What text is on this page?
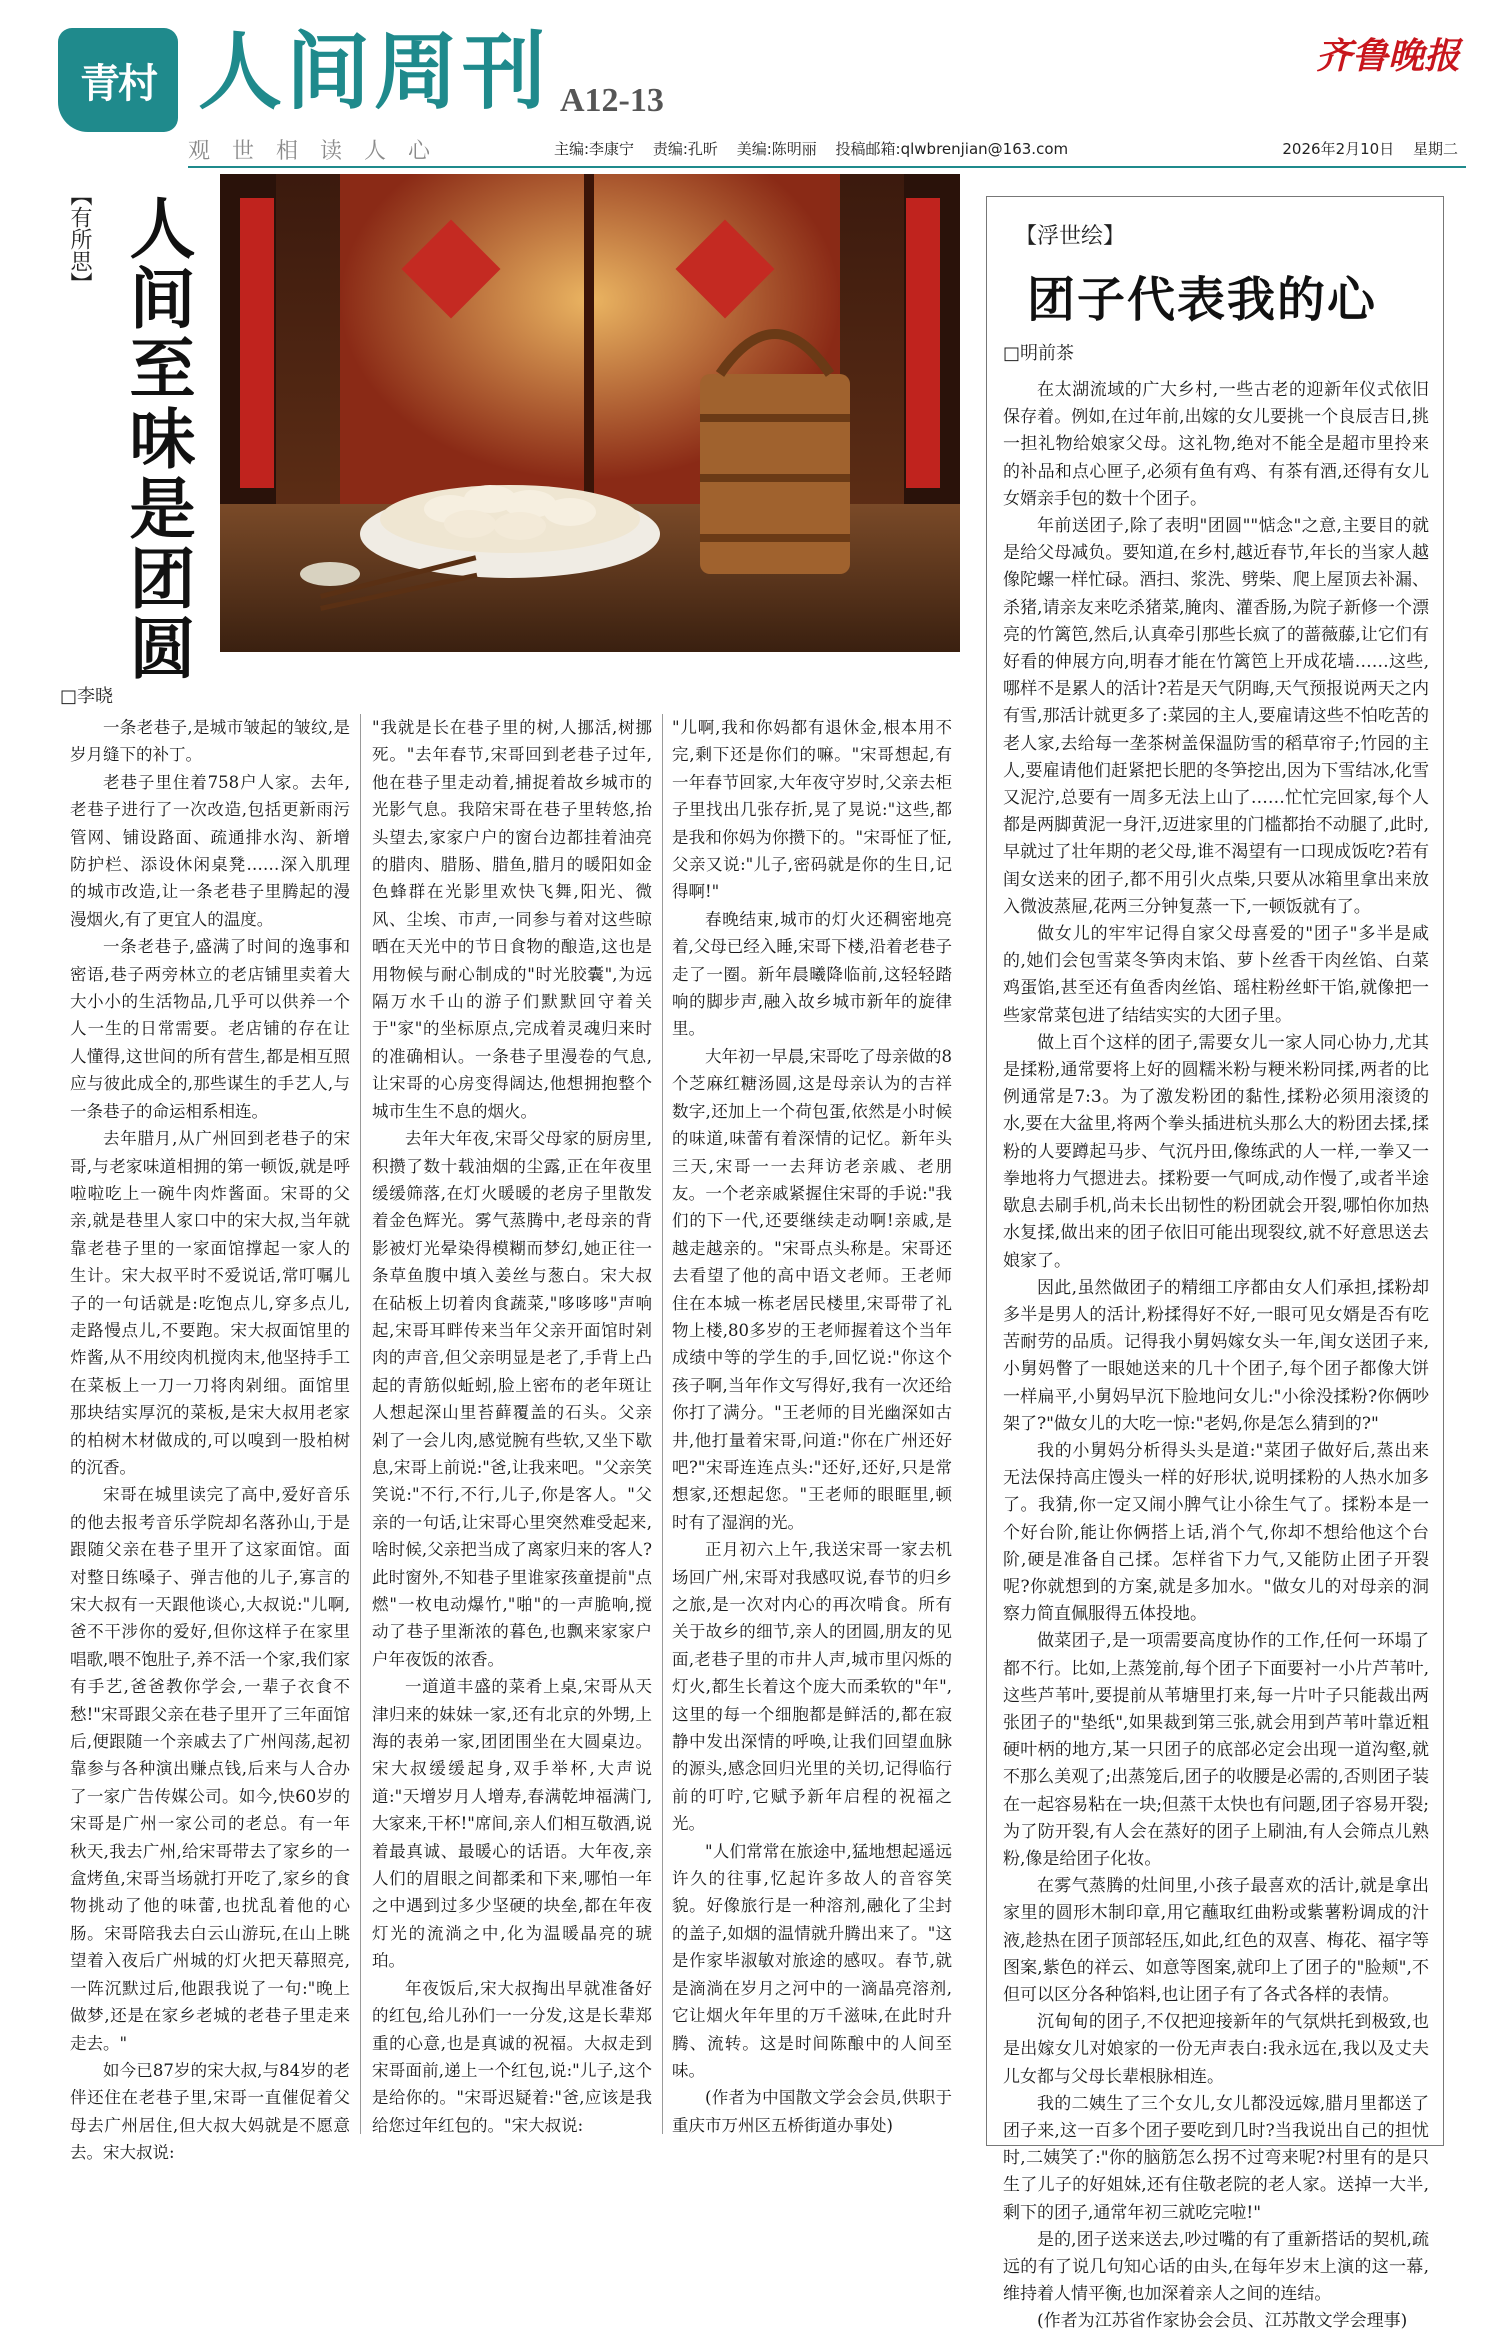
青村 人间周刊 A12-13
齐鲁晚报
观世相读人心	主编:李康宁 责编:孔昕 美编:陈明丽 投稿邮箱:qlwbrenjian@163.com	2026年2月10日 星期二
【有所思】 人间至味是团圆
□李晓

一条老巷子,是城市皱起的皱纹,是岁月缝下的补丁。

老巷子里住着758户人家。去年,老巷子进行了一次改造,包括更新雨污管网、铺设路面、疏通排水沟、新增防护栏、添设休闲桌凳……深入肌理的城市改造,让一条老巷子里腾起的漫漫烟火,有了更宜人的温度。

一条老巷子,盛满了时间的逸事和密语,巷子两旁林立的老店铺里卖着大大小小的生活物品,几乎可以供养一个人一生的日常需要。老店铺的存在让人懂得,这世间的所有营生,都是相互照应与彼此成全的,那些谋生的手艺人,与一条巷子的命运相系相连。

去年腊月,从广州回到老巷子的宋哥,与老家味道相拥的第一顿饭,就是呼啦啦吃上一碗牛肉炸酱面。宋哥的父亲,就是巷里人家口中的宋大叔,当年就靠老巷子里的一家面馆撑起一家人的生计。宋大叔平时不爱说话,常叮嘱儿子的一句话就是:吃饱点儿,穿多点儿,走路慢点儿,不要跑。宋大叔面馆里的炸酱,从不用绞肉机搅肉末,他坚持手工在菜板上一刀一刀将肉剁细。面馆里那块结实厚沉的菜板,是宋大叔用老家的柏树木材做成的,可以嗅到一股柏树的沉香。

宋哥在城里读完了高中,爱好音乐的他去报考音乐学院却名落孙山,于是跟随父亲在巷子里开了这家面馆。面对整日练嗓子、弹吉他的儿子,寡言的宋大叔有一天跟他谈心,大叔说:"儿啊,爸不干涉你的爱好,但你这样子在家里唱歌,喂不饱肚子,养不活一个家,我们家有手艺,爸爸教你学会,一辈子衣食不愁!"宋哥跟父亲在巷子里开了三年面馆后,便跟随一个亲戚去了广州闯荡,起初靠参与各种演出赚点钱,后来与人合办了一家广告传媒公司。如今,快60岁的宋哥是广州一家公司的老总。有一年秋天,我去广州,给宋哥带去了家乡的一盒烤鱼,宋哥当场就打开吃了,家乡的食物挑动了他的味蕾,也扰乱着他的心肠。宋哥陪我去白云山游玩,在山上眺望着入夜后广州城的灯火把天幕照亮,一阵沉默过后,他跟我说了一句:"晚上做梦,还是在家乡老城的老巷子里走来走去。"

如今已87岁的宋大叔,与84岁的老伴还住在老巷子里,宋哥一直催促着父母去广州居住,但大叔大妈就是不愿意去。宋大叔说:

"我就是长在巷子里的树,人挪活,树挪死。"去年春节,宋哥回到老巷子过年,他在巷子里走动着,捕捉着故乡城市的光影气息。我陪宋哥在巷子里转悠,抬头望去,家家户户的窗台边都挂着油亮的腊肉、腊肠、腊鱼,腊月的暖阳如金色蜂群在光影里欢快飞舞,阳光、微风、尘埃、市声,一同参与着对这些晾晒在天光中的节日食物的酿造,这也是用物候与耐心制成的"时光胶囊",为远隔万水千山的游子们默默回守着关于"家"的坐标原点,完成着灵魂归来时的准确相认。一条巷子里漫卷的气息,让宋哥的心房变得阔达,他想拥抱整个城市生生不息的烟火。

去年大年夜,宋哥父母家的厨房里,积攒了数十载油烟的尘露,正在年夜里缓缓筛落,在灯火暖暖的老房子里散发着金色辉光。雾气蒸腾中,老母亲的背影被灯光晕染得模糊而梦幻,她正往一条草鱼腹中填入姜丝与葱白。宋大叔在砧板上切着肉食蔬菜,"哆哆哆"声响起,宋哥耳畔传来当年父亲开面馆时剁肉的声音,但父亲明显是老了,手背上凸起的青筋似蚯蚓,脸上密布的老年斑让人想起深山里苔藓覆盖的石头。父亲剁了一会儿肉,感觉腕有些软,又坐下歇息,宋哥上前说:"爸,让我来吧。"父亲笑笑说:"不行,不行,儿子,你是客人。"父亲的一句话,让宋哥心里突然难受起来,啥时候,父亲把当成了离家归来的客人?此时窗外,不知巷子里谁家孩童提前"点燃"一枚电动爆竹,"啪"的一声脆响,搅动了巷子里渐浓的暮色,也飘来家家户户年夜饭的浓香。

一道道丰盛的菜肴上桌,宋哥从天津归来的妹妹一家,还有北京的外甥,上海的表弟一家,团团围坐在大圆桌边。宋大叔缓缓起身,双手举杯,大声说道:"天增岁月人增寿,春满乾坤福满门,大家来,干杯!"席间,亲人们相互敬酒,说着最真诚、最暖心的话语。大年夜,亲人们的眉眼之间都柔和下来,哪怕一年之中遇到过多少坚硬的块垒,都在年夜灯光的流淌之中,化为温暖晶亮的琥珀。

年夜饭后,宋大叔掏出早就准备好的红包,给儿孙们一一分发,这是长辈郑重的心意,也是真诚的祝福。大叔走到宋哥面前,递上一个红包,说:"儿子,这个是给你的。"宋哥迟疑着:"爸,应该是我给您过年红包的。"宋大叔说:

"儿啊,我和你妈都有退休金,根本用不完,剩下还是你们的嘛。"宋哥想起,有一年春节回家,大年夜守岁时,父亲去柜子里找出几张存折,晃了晃说:"这些,都是我和你妈为你攒下的。"宋哥怔了怔,父亲又说:"儿子,密码就是你的生日,记得啊!"

春晚结束,城市的灯火还稠密地亮着,父母已经入睡,宋哥下楼,沿着老巷子走了一圈。新年晨曦降临前,这轻轻踏响的脚步声,融入故乡城市新年的旋律里。

大年初一早晨,宋哥吃了母亲做的8个芝麻红糖汤圆,这是母亲认为的吉祥数字,还加上一个荷包蛋,依然是小时候的味道,味蕾有着深情的记忆。新年头三天,宋哥一一去拜访老亲戚、老朋友。一个老亲戚紧握住宋哥的手说:"我们的下一代,还要继续走动啊!亲戚,是越走越亲的。"宋哥点头称是。宋哥还去看望了他的高中语文老师。王老师住在本城一栋老居民楼里,宋哥带了礼物上楼,80多岁的王老师握着这个当年成绩中等的学生的手,回忆说:"你这个孩子啊,当年作文写得好,我有一次还给你打了满分。"王老师的目光幽深如古井,他打量着宋哥,问道:"你在广州还好吧?"宋哥连连点头:"还好,还好,只是常想家,还想起您。"王老师的眼眶里,顿时有了湿润的光。

正月初六上午,我送宋哥一家去机场回广州,宋哥对我感叹说,春节的归乡之旅,是一次对内心的再次啃食。所有关于故乡的细节,亲人的团圆,朋友的见面,老巷子里的市井人声,城市里闪烁的灯火,都生长着这个庞大而柔软的"年",这里的每一个细胞都是鲜活的,都在寂静中发出深情的呼唤,让我们回望血脉的源头,感念回归光里的关切,记得临行前的叮咛,它赋予新年启程的祝福之光。

"人们常常在旅途中,猛地想起遥远许久的往事,忆起许多故人的音容笑貌。好像旅行是一种溶剂,融化了尘封的盖子,如烟的温情就升腾出来了。"这是作家毕淑敏对旅途的感叹。春节,就是滴淌在岁月之河中的一滴晶亮溶剂,它让烟火年年里的万千滋味,在此时升腾、流转。这是时间陈酿中的人间至味。

(作者为中国散文学会会员,供职于重庆市万州区五桥街道办事处)

【浮世绘】
团子代表我的心
□明前茶

在太湖流域的广大乡村,一些古老的迎新年仪式依旧保存着。例如,在过年前,出嫁的女儿要挑一个良辰吉日,挑一担礼物给娘家父母。这礼物,绝对不能全是超市里拎来的补品和点心匣子,必须有鱼有鸡、有茶有酒,还得有女儿女婿亲手包的数十个团子。

年前送团子,除了表明"团圆""惦念"之意,主要目的就是给父母减负。要知道,在乡村,越近春节,年长的当家人越像陀螺一样忙碌。酒扫、浆洗、劈柴、爬上屋顶去补漏、杀猪,请亲友来吃杀猪菜,腌肉、灌香肠,为院子新修一个漂亮的竹篱笆,然后,认真牵引那些长疯了的蔷薇藤,让它们有好看的伸展方向,明春才能在竹篱笆上开成花墙……这些,哪样不是累人的活计?若是天气阴晦,天气预报说两天之内有雪,那活计就更多了:菜园的主人,要雇请这些不怕吃苦的老人家,去给每一垄茶树盖保温防雪的稻草帘子;竹园的主人,要雇请他们赶紧把长肥的冬笋挖出,因为下雪结冰,化雪又泥泞,总要有一周多无法上山了……忙忙完回家,每个人都是两脚黄泥一身汗,迈进家里的门槛都抬不动腿了,此时,早就过了壮年期的老父母,谁不渴望有一口现成饭吃?若有闺女送来的团子,都不用引火点柴,只要从冰箱里拿出来放入微波蒸屉,花两三分钟复蒸一下,一顿饭就有了。

做女儿的牢牢记得自家父母喜爱的"团子"多半是咸的,她们会包雪菜冬笋肉末馅、萝卜丝香干肉丝馅、白菜鸡蛋馅,甚至还有鱼香肉丝馅、瑶柱粉丝虾干馅,就像把一些家常菜包进了结结实实的大团子里。

做上百个这样的团子,需要女儿一家人同心协力,尤其是揉粉,通常要将上好的圆糯米粉与粳米粉同揉,两者的比例通常是7:3。为了激发粉团的黏性,揉粉必须用滚烫的水,要在大盆里,将两个拳头插进杭头那么大的粉团去揉,揉粉的人要蹲起马步、气沉丹田,像练武的人一样,一拳又一拳地将力气摁进去。揉粉要一气呵成,动作慢了,或者半途歇息去刷手机,尚未长出韧性的粉团就会开裂,哪怕你加热水复揉,做出来的团子依旧可能出现裂纹,就不好意思送去娘家了。

因此,虽然做团子的精细工序都由女人们承担,揉粉却多半是男人的活计,粉揉得好不好,一眼可见女婿是否有吃苦耐劳的品质。记得我小舅妈嫁女头一年,闺女送团子来,小舅妈瞥了一眼她送来的几十个团子,每个团子都像大饼一样扁平,小舅妈早沉下脸地问女儿:"小徐没揉粉?你俩吵架了?"做女儿的大吃一惊:"老妈,你是怎么猜到的?"

我的小舅妈分析得头头是道:"菜团子做好后,蒸出来无法保持高庄馒头一样的好形状,说明揉粉的人热水加多了。我猜,你一定又闹小脾气让小徐生气了。揉粉本是一个好台阶,能让你俩搭上话,消个气,你却不想给他这个台阶,硬是准备自己揉。怎样省下力气,又能防止团子开裂呢?你就想到的方案,就是多加水。"做女儿的对母亲的洞察力简直佩服得五体投地。

做菜团子,是一项需要高度协作的工作,任何一环塌了都不行。比如,上蒸笼前,每个团子下面要衬一小片芦苇叶,这些芦苇叶,要提前从苇塘里打来,每一片叶子只能裁出两张团子的"垫纸",如果裁到第三张,就会用到芦苇叶靠近粗硬叶柄的地方,某一只团子的底部必定会出现一道沟壑,就不那么美观了;出蒸笼后,团子的收腰是必需的,否则团子装在一起容易粘在一块;但蒸干太快也有问题,团子容易开裂;为了防开裂,有人会在蒸好的团子上刷油,有人会筛点儿熟粉,像是给团子化妆。

在雾气蒸腾的灶间里,小孩子最喜欢的活计,就是拿出家里的圆形木制印章,用它蘸取红曲粉或紫薯粉调成的汁液,趁热在团子顶部轻压,如此,红色的双喜、梅花、福字等图案,紫色的祥云、如意等图案,就印上了团子的"脸颊",不但可以区分各种馅料,也让团子有了各式各样的表情。

沉甸甸的团子,不仅把迎接新年的气氛烘托到极致,也是出嫁女儿对娘家的一份无声表白:我永远在,我以及丈夫儿女都与父母长辈根脉相连。

我的二姨生了三个女儿,女儿都没远嫁,腊月里都送了团子来,这一百多个团子要吃到几时?当我说出自己的担忧时,二姨笑了:"你的脑筋怎么拐不过弯来呢?村里有的是只生了儿子的好姐妹,还有住敬老院的老人家。送掉一大半,剩下的团子,通常年初三就吃完啦!"

是的,团子送来送去,吵过嘴的有了重新搭话的契机,疏远的有了说几句知心话的由头,在每年岁末上演的这一幕,维持着人情平衡,也加深着亲人之间的连结。

(作者为江苏省作家协会会员、江苏散文学会理事)
